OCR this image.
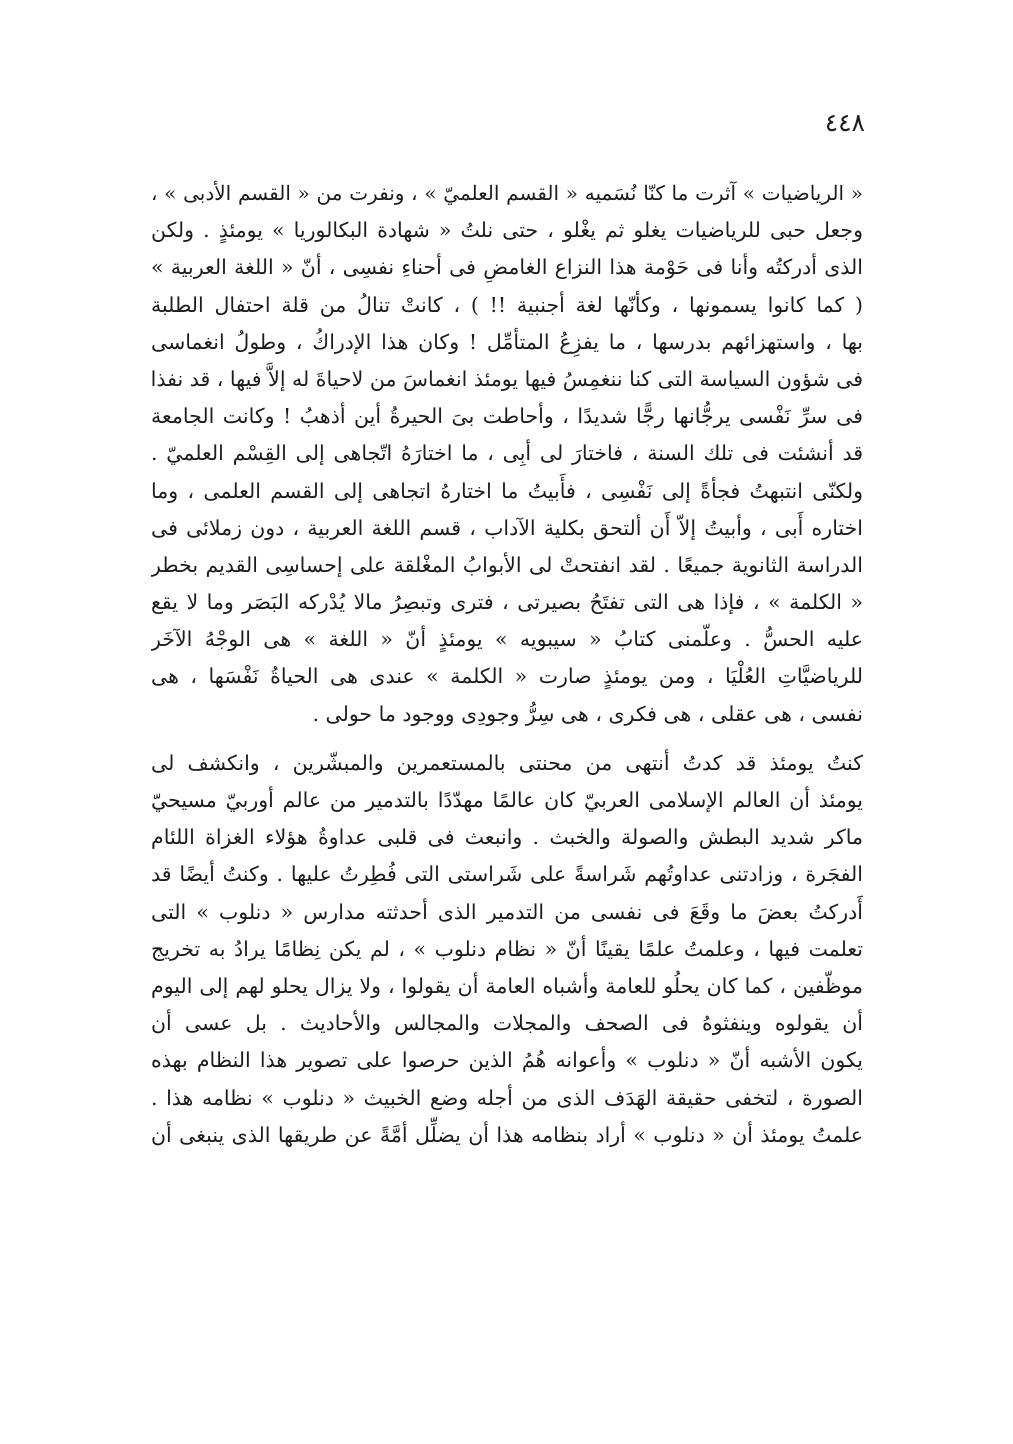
٤٤٨
« الرياضيات » آثرت ما كنّا نُسَميه « القسم العلميّ » ، ونفرت من « القسم الأدبى » ،
وجعل حبى للرياضيات يغلو ثم يغْلو ، حتى نلتُ « شهادة البكالوريا » يومئذٍ . ولكن
الذى أدركتُه وأنا فى حَوْمة هذا النزاع الغامضِ فى أحناءِ نفسِى ، أنّ « اللغة العربية »
( كما كانوا يسمونها ، وكأنّها لغة أجنبية !! ) ، كانتْ تنالُ من قلة احتفال الطلبة
بها ، واستهزائهم بدرسها ، ما يفزِعُ المتأمِّل ! وكان هذا الإدراكُ ، وطولُ انغماسى
فى شؤون السياسة التى كنا ننغمِسُ فيها يومئذ انغماسَ من لاحياةَ له إلاَّ فيها ، قد نفذا
فى سرِّ نَفْسى يرجُّانها رجًّا شديدًا ، وأحاطت بىَ الحيرةُ أين أذهبُ ! وكانت الجامعة
قد أنشئت فى تلك السنة ، فاختارَ لى أبِى ، ما اختارَهُ اتّجاهى إلى القِسْم العلميّ .
ولكنّى انتبهتُ فجأةً إلى نَفْسِى ، فأَبيتُ ما اختارهُ اتجاهى إلى القسم العلمى ، وما
اختاره أَبى ، وأبيتُ إلاّ أَن ألتحق بكلية الآداب ، قسم اللغة العربية ، دون زملائى فى
الدراسة الثانوية جميعًا . لقد انفتحتْ لى الأبوابُ المغْلقة على إحساسِى القديم بخطر
« الكلمة » ، فإذا هى التى تفتَحُ بصيرتى ، فترى وتبصِرُ مالا يُدْركه البَصَر وما لا يقع
عليه الحسُّ . وعلّمنى كتابُ « سيبويه » يومئذٍ أنّ « اللغة » هى الوجْهُ الآخَر
للرياضيَّاتِ العُلْيَا ، ومن يومئذٍ صارت « الكلمة » عندى هى الحياةُ نَفْسَها ، هى
نفسى ، هى عقلى ، هى فكرى ، هى سِرُّ وجودِى ووجود ما حولى .
كنتُ يومئذ قد كدتُ أنتهى من محنتى بالمستعمرين والمبشّرين ، وانكشف لى
يومئذ أن العالم الإسلامى العربيّ كان عالمًا مهدّدًا بالتدمير من عالم أوربيّ مسيحيّ
ماكر شديد البطش والصولة والخبث . وانبعث فى قلبى عداوةُ هؤلاء الغزاة اللئام
الفجَرة ، وزادتنى عداوتُهم شَراسةً على شَراستى التى فُطِرتُ عليها . وكنتُ أيضًا قد
أَدركتُ بعضَ ما وقَعَ فى نفسى من التدمير الذى أحدثته مدارس « دنلوب » التى
تعلمت فيها ، وعلمتُ علمًا يقينًا أنّ « نظام دنلوب » ، لم يكن نِظامًا يرادُ به تخريج
موظّفين ، كما كان يحلُو للعامة وأشباه العامة أن يقولوا ، ولا يزال يحلو لهم إلى اليوم
أن يقولوه وينفثوهُ فى الصحف والمجلات والمجالس والأحاديث . بل عسى أن
يكون الأشبه أنّ « دنلوب » وأعوانه هُمُ الذين حرصوا على تصوير هذا النظام بهذه
الصورة ، لتخفى حقيقة الهَدَف الذى من أجله وضع الخبيث « دنلوب » نظامه هذا .
علمتُ يومئذ أن « دنلوب » أراد بنظامه هذا أن يضلِّل أمَّةً عن طريقها الذى ينبغى أن
